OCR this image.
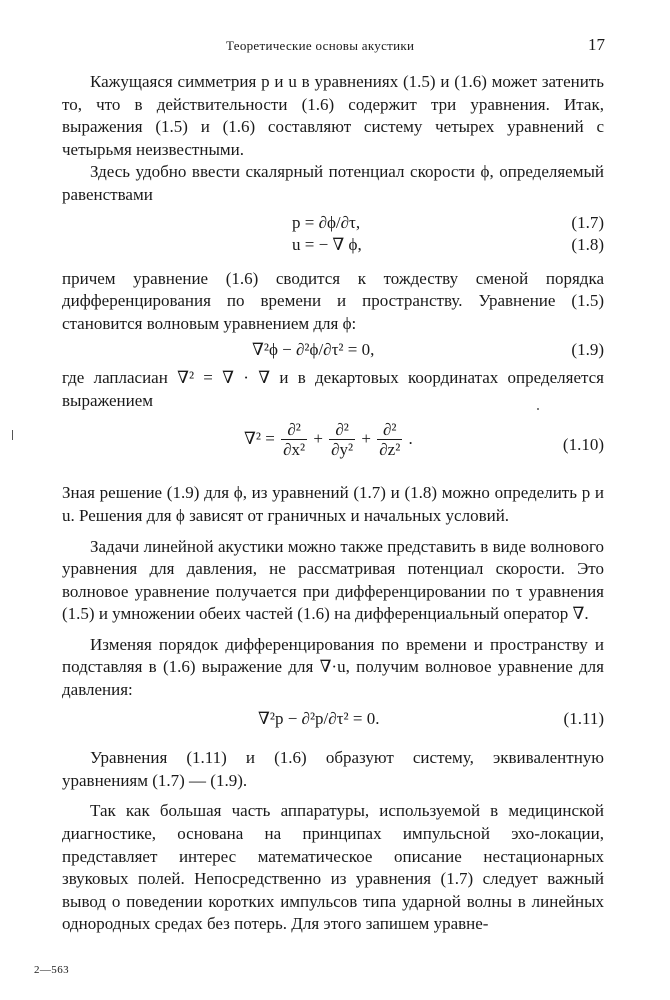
Теоретические основы акустики	17

Кажущаяся симметрия p и u в уравнениях (1.5) и (1.6) может затенить то, что в действительности (1.6) содержит три уравнения. Итак, выражения (1.5) и (1.6) составляют систему четырех уравнений с четырьмя неизвестными.

Здесь удобно ввести скалярный потенциал скорости ϕ, определяемый равенствами

p = ∂ϕ/∂τ,	(1.7)
u = − ∇ ϕ,	(1.8)

причем уравнение (1.6) сводится к тождеству сменой порядка дифференцирования по времени и пространству. Уравнение (1.5) становится волновым уравнением для ϕ:

∇²ϕ − ∂²ϕ/∂τ² = 0,	(1.9)

где лапласиан ∇² = ∇ · ∇ и в декартовых координатах определяется выражением

$\nabla^2 = \frac{\text{∂²}}{\text{∂x²}} + \frac{\text{∂²}}{\text{∂y²}} + \frac{\text{∂²}}{\text{∂z²}}$ .	(1.10)

Зная решение (1.9) для ϕ, из уравнений (1.7) и (1.8) можно определить p и u. Решения для ϕ зависят от граничных и начальных условий.

Задачи линейной акустики можно также представить в виде волнового уравнения для давления, не рассматривая потенциал скорости. Это волновое уравнение получается при дифференцировании по τ уравнения (1.5) и умножении обеих частей (1.6) на дифференциальный оператор ∇.

Изменяя порядок дифференцирования по времени и пространству и подставляя в (1.6) выражение для ∇·u, получим волновое уравнение для давления:

∇²p − ∂²p/∂τ² = 0.	(1.11)

Уравнения (1.11) и (1.6) образуют систему, эквивалентную уравнениям (1.7) — (1.9).

Так как большая часть аппаратуры, используемой в медицинской диагностике, основана на принципах импульсной эхо-локации, представляет интерес математическое описание нестационарных звуковых полей. Непосредственно из уравнения (1.7) следует важный вывод о поведении коротких импульсов типа ударной волны в линейных однородных средах без потерь. Для этого запишем уравне-

2—563
